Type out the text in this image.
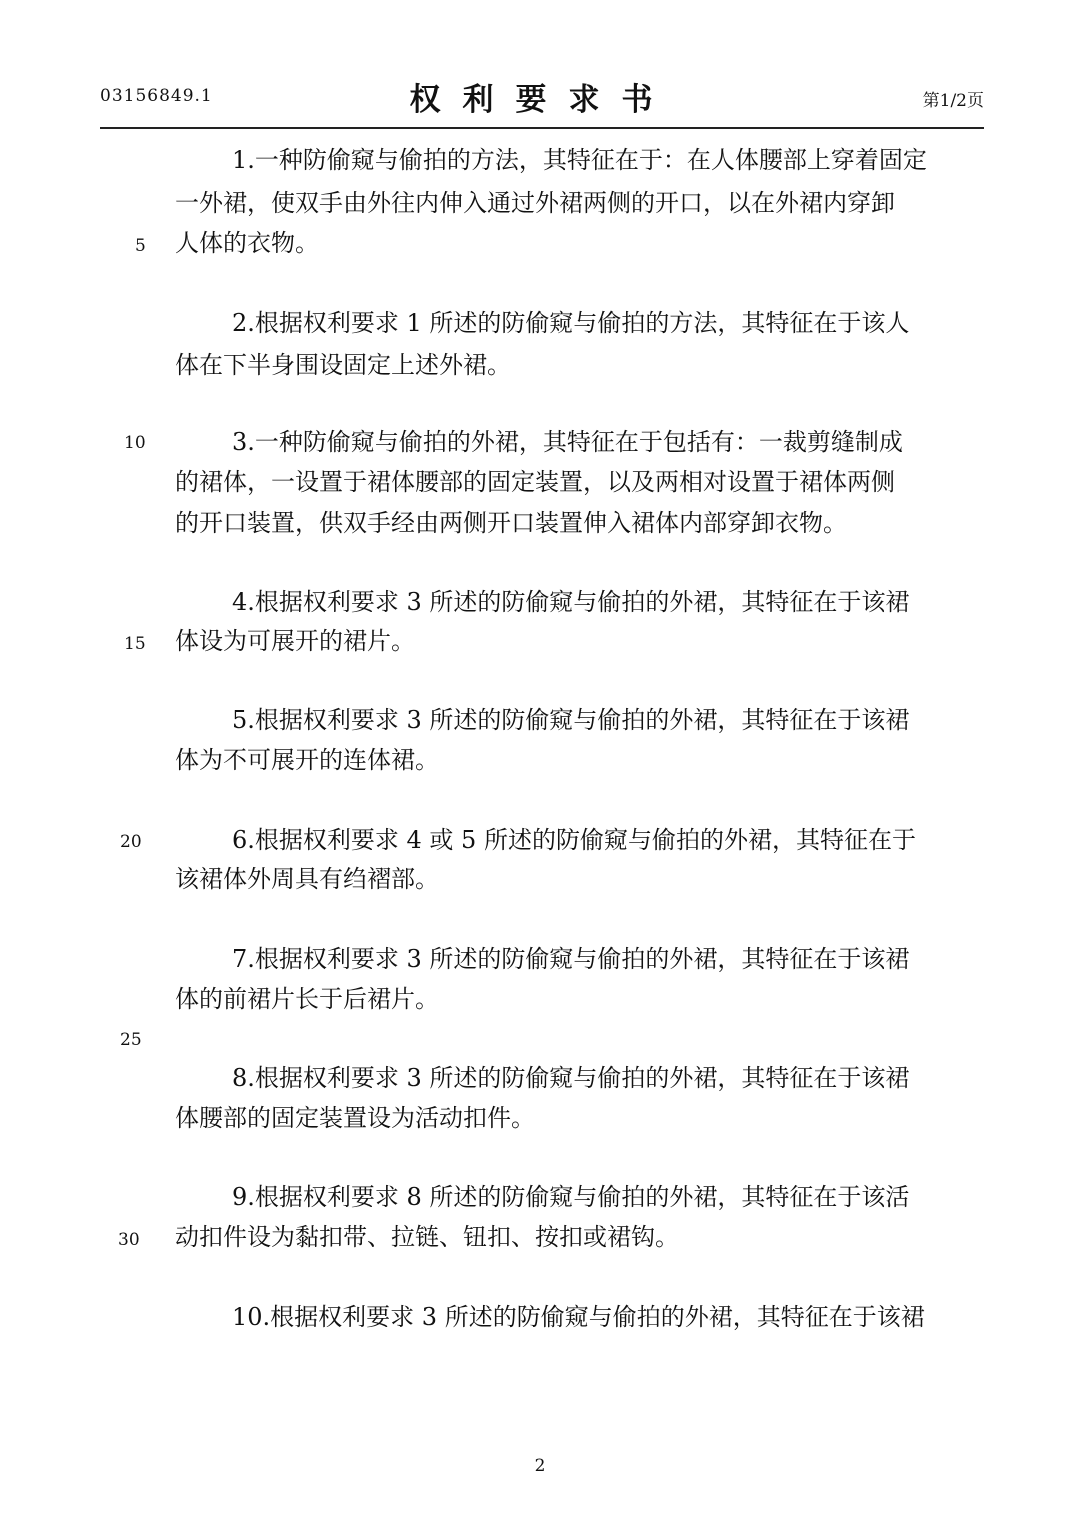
03156849.1	权利要求书	第1/2页
5
10
15
20
25
30
1.一种防偷窥与偷拍的方法，其特征在于：在人体腰部上穿着固定
一外裙，使双手由外往内伸入通过外裙两侧的开口，以在外裙内穿卸
人体的衣物。
2.根据权利要求 1 所述的防偷窥与偷拍的方法，其特征在于该人
体在下半身围设固定上述外裙。
3.一种防偷窥与偷拍的外裙，其特征在于包括有：一裁剪缝制成
的裙体，一设置于裙体腰部的固定装置，以及两相对设置于裙体两侧
的开口装置，供双手经由两侧开口装置伸入裙体内部穿卸衣物。
4.根据权利要求 3 所述的防偷窥与偷拍的外裙，其特征在于该裙
体设为可展开的裙片。
5.根据权利要求 3 所述的防偷窥与偷拍的外裙，其特征在于该裙
体为不可展开的连体裙。
6.根据权利要求 4 或 5 所述的防偷窥与偷拍的外裙，其特征在于
该裙体外周具有绉褶部。
7.根据权利要求 3 所述的防偷窥与偷拍的外裙，其特征在于该裙
体的前裙片长于后裙片。
8.根据权利要求 3 所述的防偷窥与偷拍的外裙，其特征在于该裙
体腰部的固定装置设为活动扣件。
9.根据权利要求 8 所述的防偷窥与偷拍的外裙，其特征在于该活
动扣件设为黏扣带、拉链、钮扣、按扣或裙钩。
10.根据权利要求 3 所述的防偷窥与偷拍的外裙，其特征在于该裙
2
